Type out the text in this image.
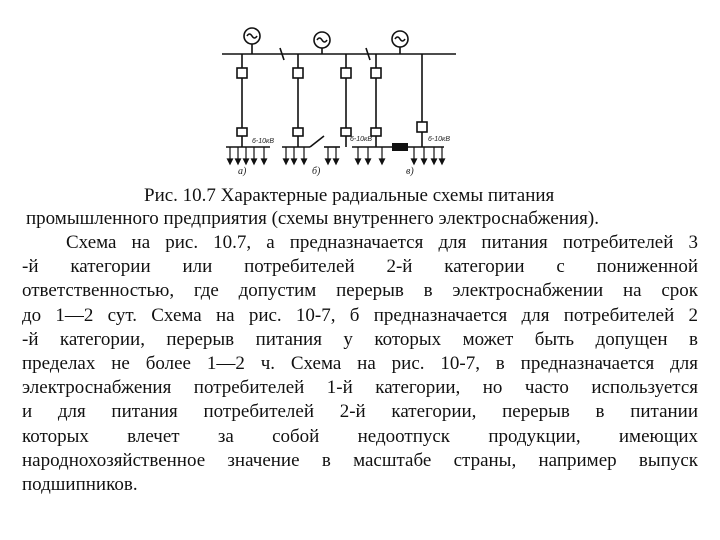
6-10кВ	6-10кВ	6-10кВ
а)	б)	в)
Рис. 10.7 Характерные радиальные схемы питания
промышленного предприятия (схемы внутреннего электроснабжения).
Схема на рис. 10.7, а предназначается для питания потребителей 3
-й категории или потребителей 2-й категории с пониженной
ответственностью, где допустим перерыв в электроснабжении на срок
до 1—2 сут. Схема на рис. 10-7, б предназначается для потребителей 2
-й категории, перерыв питания у которых может быть допущен в
пределах не более 1—2 ч. Схема на рис. 10-7, в предназначается для
электроснабжения потребителей 1-й категории, но часто используется
и для питания потребителей 2-й категории, перерыв в питании
которых влечет за собой недоотпуск продукции, имеющих
народнохозяйственное значение в масштабе страны, например выпуск
подшипников.
